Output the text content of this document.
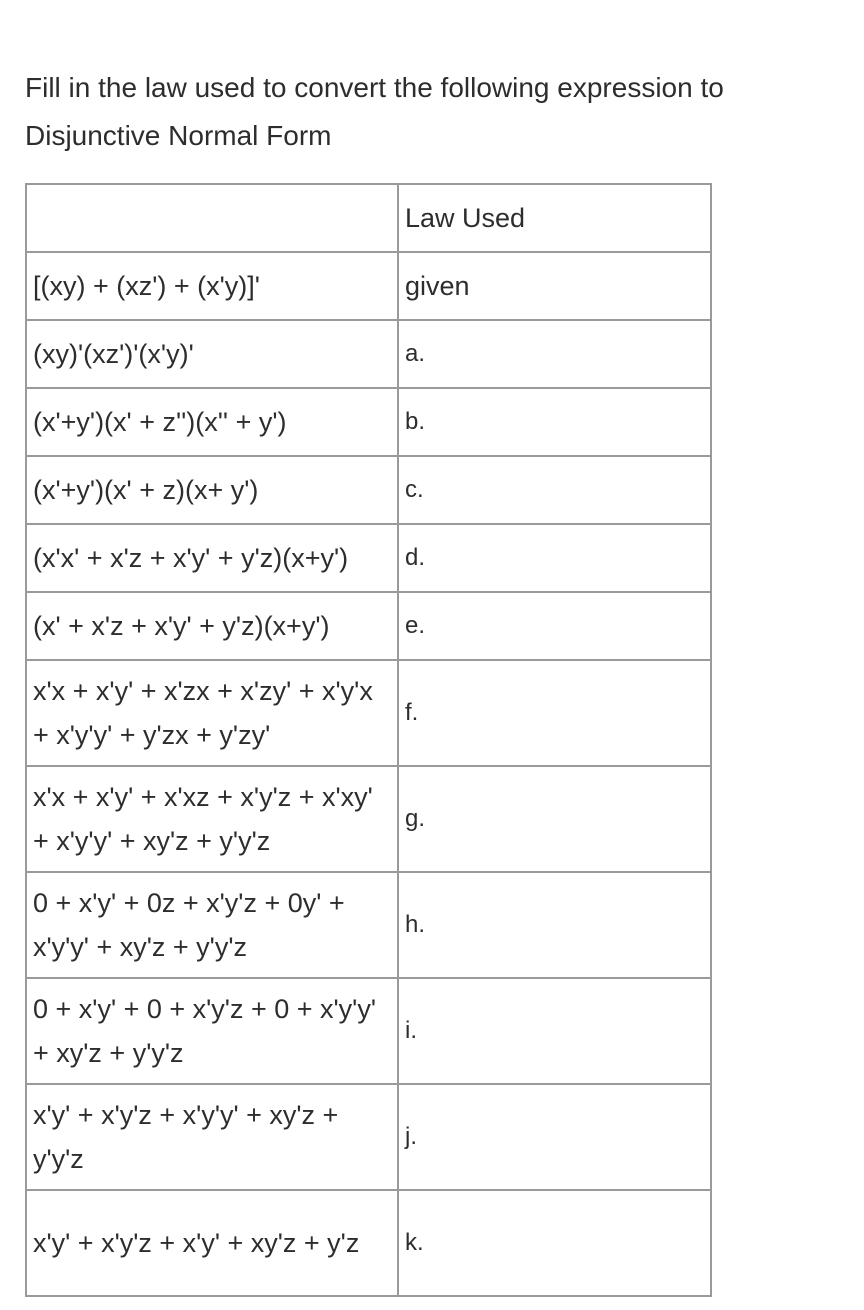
Fill in the law used to convert the following expression to Disjunctive Normal Form
	Law Used
[(xy) + (xz') + (x'y)]'	given
(xy)'(xz')'(x'y)'	a.
(x'+y')(x' + z'')(x'' + y')	b.
(x'+y')(x' + z)(x+ y')	c.
(x'x' + x'z + x'y' + y'z)(x+y')	d.
(x' + x'z + x'y' + y'z)(x+y')	e.
x'x + x'y' + x'zx + x'zy' + x'y'x + x'y'y' + y'zx + y'zy'	f.
x'x + x'y' + x'xz + x'y'z + x'xy' + x'y'y' + xy'z + y'y'z	g.
0 + x'y' + 0z + x'y'z + 0y' + x'y'y' + xy'z + y'y'z	h.
0 + x'y' + 0 + x'y'z + 0 + x'y'y' + xy'z + y'y'z	i.
x'y' + x'y'z + x'y'y' + xy'z + y'y'z	j.
x'y' + x'y'z + x'y' + xy'z + y'z	k.
